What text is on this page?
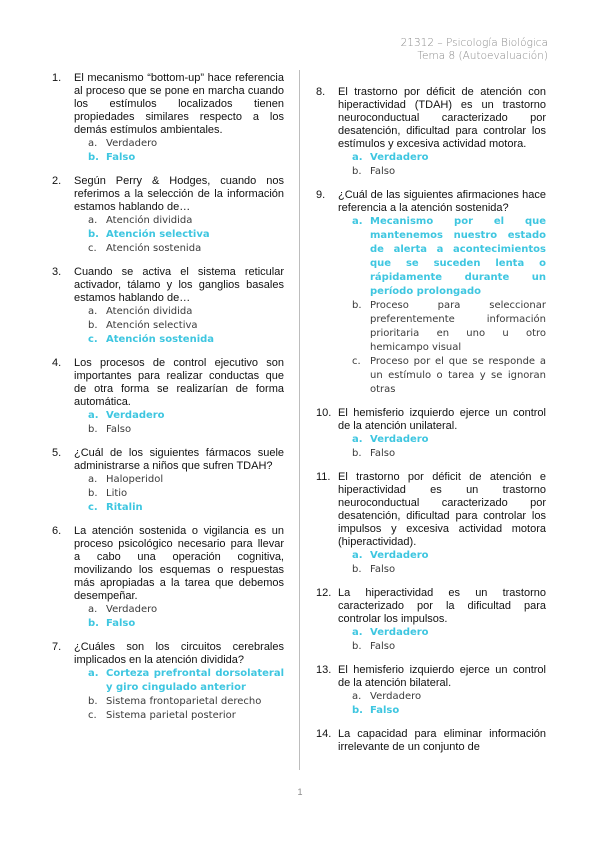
21312 – Psicología Biológica
Tema 8 (Autoevaluación)
1. El mecanismo “bottom-up” hace referencia al proceso que se pone en marcha cuando los estímulos localizados tienen propiedades similares respecto a los demás estímulos ambientales.
a. Verdadero
b. Falso
2. Según Perry & Hodges, cuando nos referimos a la selección de la información estamos hablando de…
a. Atención dividida
b. Atención selectiva
c. Atención sostenida
3. Cuando se activa el sistema reticular activador, tálamo y los ganglios basales estamos hablando de…
a. Atención dividida
b. Atención selectiva
c. Atención sostenida
4. Los procesos de control ejecutivo son importantes para realizar conductas que de otra forma se realizarían de forma automática.
a. Verdadero
b. Falso
5. ¿Cuál de los siguientes fármacos suele administrarse a niños que sufren TDAH?
a. Haloperidol
b. Litio
c. Ritalin
6. La atención sostenida o vigilancia es un proceso psicológico necesario para llevar a cabo una operación cognitiva, movilizando los esquemas o respuestas más apropiadas a la tarea que debemos desempeñar.
a. Verdadero
b. Falso
7. ¿Cuáles son los circuitos cerebrales implicados en la atención dividida?
a. Corteza prefrontal dorsolateral y giro cingulado anterior
b. Sistema frontoparietal derecho
c. Sistema parietal posterior
8. El trastorno por déficit de atención con hiperactividad (TDAH) es un trastorno neuroconductual caracterizado por desatención, dificultad para controlar los estímulos y excesiva actividad motora.
a. Verdadero
b. Falso
9. ¿Cuál de las siguientes afirmaciones hace referencia a la atención sostenida?
a. Mecanismo por el que mantenemos nuestro estado de alerta a acontecimientos que se suceden lenta o rápidamente durante un período prolongado
b. Proceso para seleccionar preferentemente información prioritaria en uno u otro hemicampo visual
c. Proceso por el que se responde a un estímulo o tarea y se ignoran otras
10. El hemisferio izquierdo ejerce un control de la atención unilateral.
a. Verdadero
b. Falso
11. El trastorno por déficit de atención e hiperactividad es un trastorno neuroconductual caracterizado por desatención, dificultad para controlar los impulsos y excesiva actividad motora (hiperactividad).
a. Verdadero
b. Falso
12. La hiperactividad es un trastorno caracterizado por la dificultad para controlar los impulsos.
a. Verdadero
b. Falso
13. El hemisferio izquierdo ejerce un control de la atención bilateral.
a. Verdadero
b. Falso
14. La capacidad para eliminar información irrelevante de un conjunto de
1
